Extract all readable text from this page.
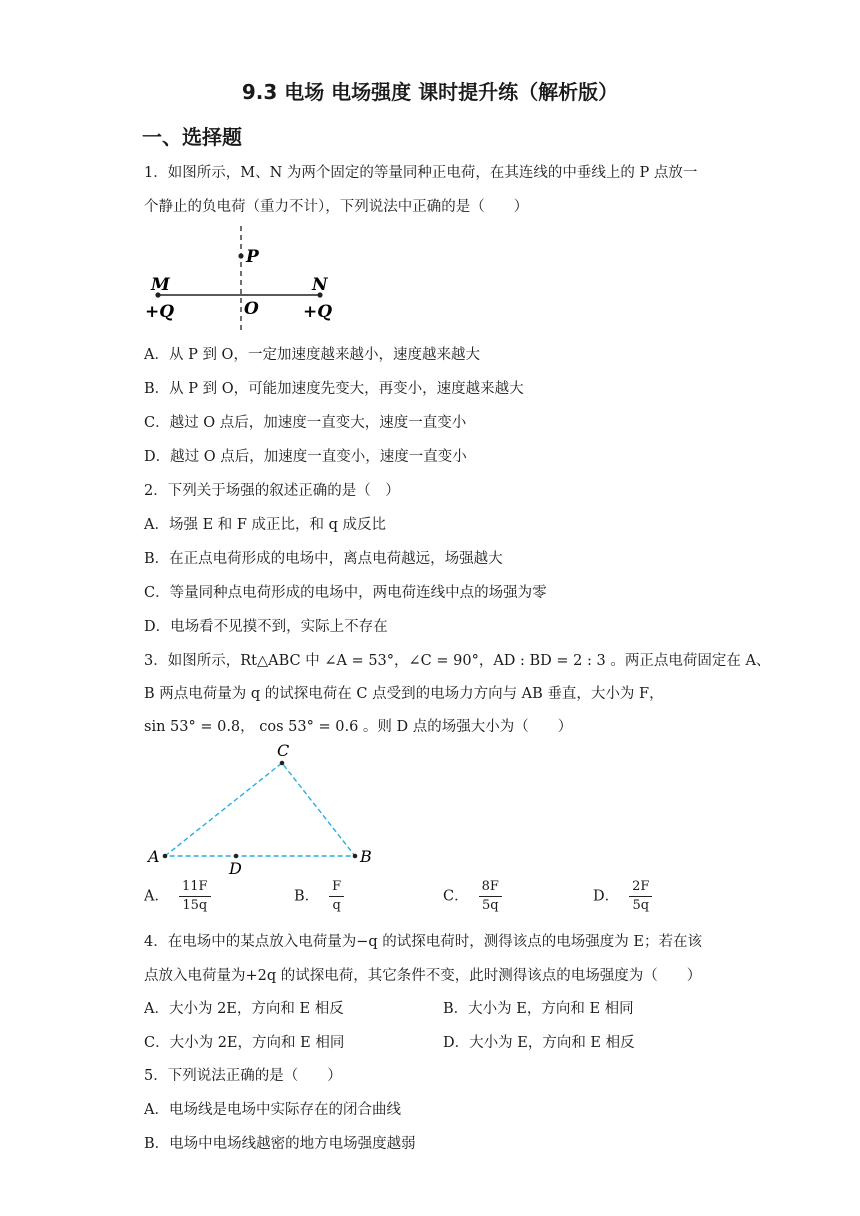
9.3 电场 电场强度 课时提升练（解析版）
一、选择题
1．如图所示，M、N 为两个固定的等量同种正电荷，在其连线的中垂线上的 P 点放一
个静止的负电荷（重力不计），下列说法中正确的是（　　）
M	N
P
O
+Q	+Q
A．从 P 到 O，一定加速度越来越小，速度越来越大
B．从 P 到 O，可能加速度先变大，再变小，速度越来越大
C．越过 O 点后，加速度一直变大，速度一直变小
D．越过 O 点后，加速度一直变小，速度一直变小
2．下列关于场强的叙述正确的是（　）
A．场强 E 和 F 成正比，和 q 成反比
B．在正点电荷形成的电场中，离点电荷越远，场强越大
C．等量同种点电荷形成的电场中，两电荷连线中点的场强为零
D．电场看不见摸不到，实际上不存在
3．如图所示，Rt△ABC 中 ∠A = 53°，∠C = 90°，AD : BD = 2 : 3 。两正点电荷固定在 A、
B 两点电荷量为 q 的试探电荷在 C 点受到的电场力方向与 AB 垂直，大小为 F，
sin 53° = 0.8， cos 53° = 0.6 。则 D 点的场强大小为（　　）
A
C
B
D
A． $\frac{11F}{15q}$	B． $\frac{F}{q}$	C． $\frac{8F}{5q}$	D． $\frac{2F}{5q}$
4．在电场中的某点放入电荷量为−q 的试探电荷时，测得该点的电场强度为 E；若在该
点放入电荷量为+2q 的试探电荷，其它条件不变，此时测得该点的电场强度为（　　）
A．大小为 2E，方向和 E 相反	B．大小为 E，方向和 E 相同
C．大小为 2E，方向和 E 相同	D．大小为 E，方向和 E 相反
5．下列说法正确的是（　　）
A．电场线是电场中实际存在的闭合曲线
B．电场中电场线越密的地方电场强度越弱
